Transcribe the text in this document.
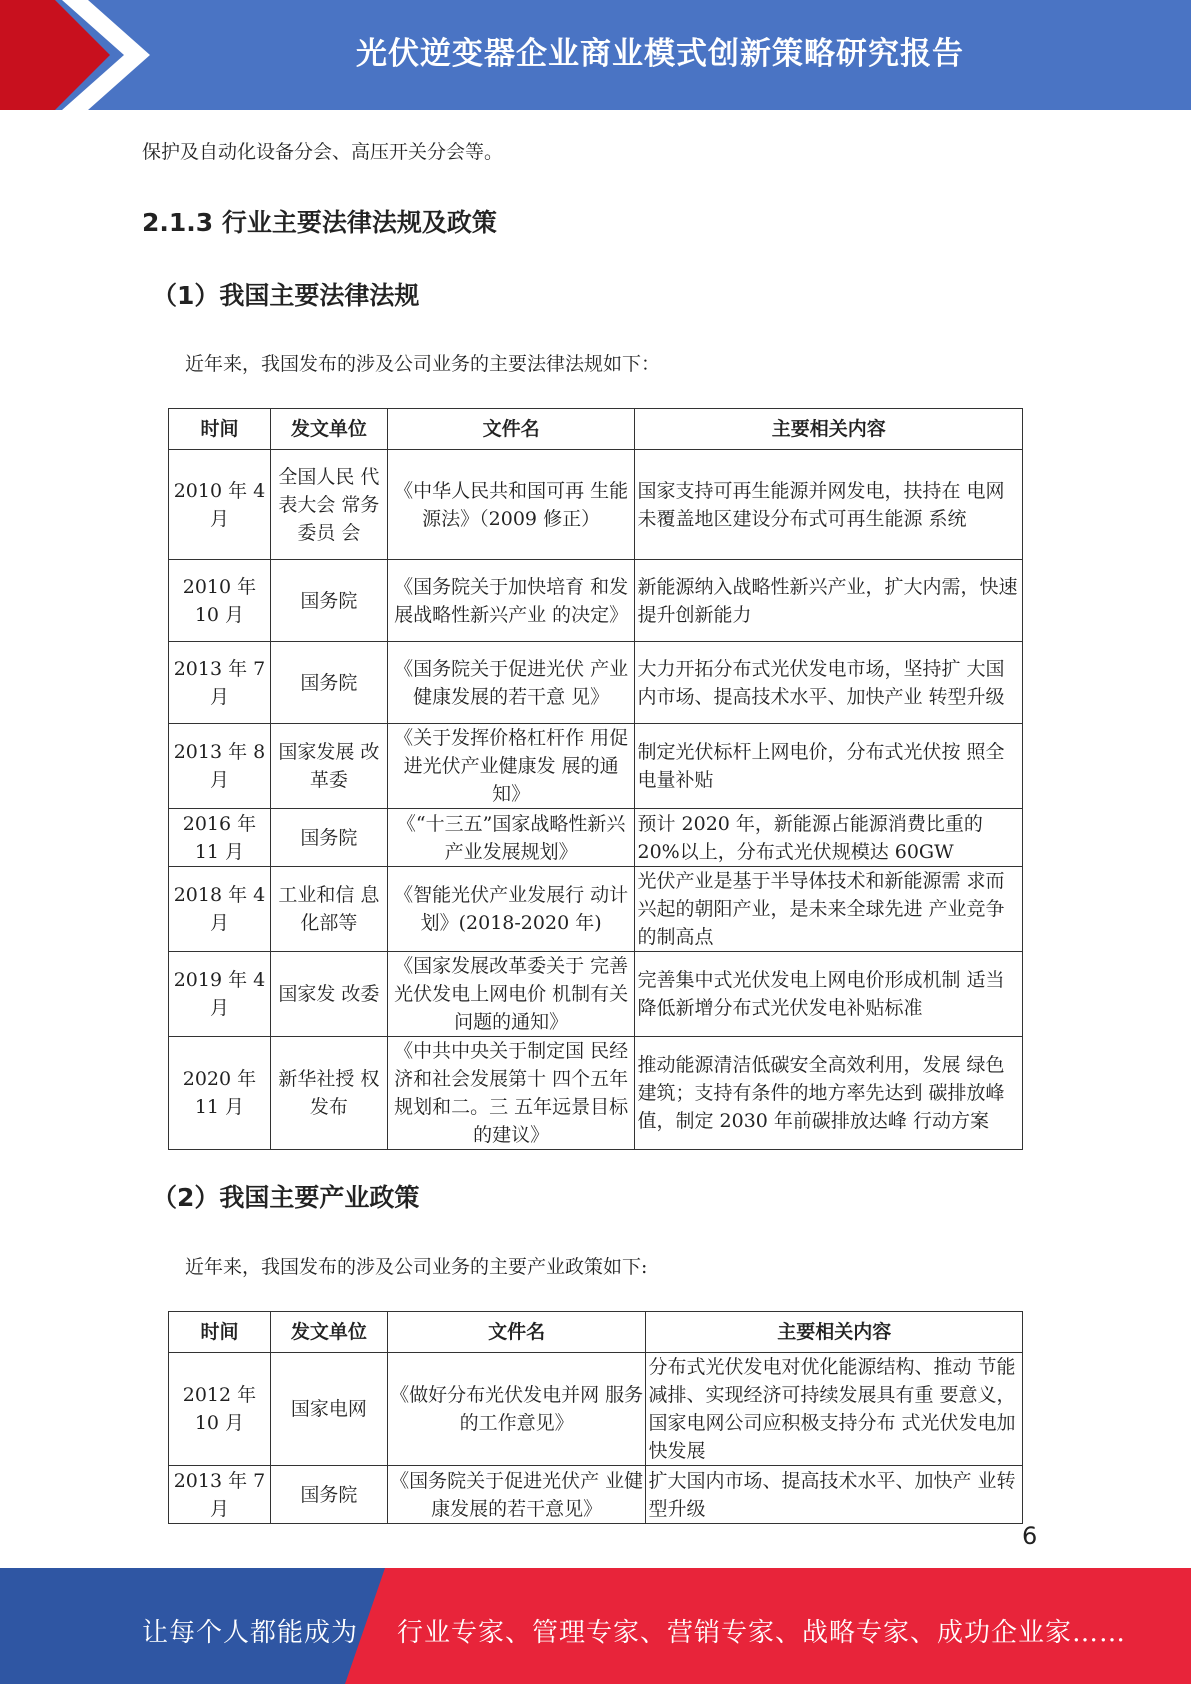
光伏逆变器企业商业模式创新策略研究报告
保护及自动化设备分会、高压开关分会等。
2.1.3 行业主要法律法规及政策
（1）我国主要法律法规
近年来，我国发布的涉及公司业务的主要法律法规如下：
时间	发文单位	文件名	主要相关内容
2010 年 4 月	全国人民 代表大会 常务委员 会	《中华人民共和国可再 生能源法》（2009 修正）	国家支持可再生能源并网发电，扶持在 电网未覆盖地区建设分布式可再生能源 系统
2010 年 10 月	国务院	《国务院关于加快培育 和发展战略性新兴产业 的决定》	新能源纳入战略性新兴产业，扩大内需，快速提升创新能力
2013 年 7 月	国务院	《国务院关于促进光伏 产业健康发展的若干意 见》	大力开拓分布式光伏发电市场，坚持扩 大国内市场、提高技术水平、加快产业 转型升级
2013 年 8 月	国家发展 改革委	《关于发挥价格杠杆作 用促进光伏产业健康发 展的通知》	制定光伏标杆上网电价，分布式光伏按 照全电量补贴
2016 年 11 月	国务院	《“十三五”国家战略性新兴产业发展规划》	预计 2020 年，新能源占能源消费比重的 20%以上，分布式光伏规模达 60GW
2018 年 4 月	工业和信 息化部等	《智能光伏产业发展行 动计划》(2018-2020 年)	光伏产业是基于半导体技术和新能源需 求而兴起的朝阳产业，是未来全球先进 产业竞争的制高点
2019 年 4 月	国家发 改委	《国家发展改革委关于 完善光伏发电上网电价 机制有关问题的通知》	完善集中式光伏发电上网电价形成机制 适当降低新增分布式光伏发电补贴标准
2020 年 11 月	新华社授 权发布	《中共中央关于制定国 民经济和社会发展第十 四个五年规划和二。三 五年远景目标的建议》	推动能源清洁低碳安全高效利用，发展 绿色建筑；支持有条件的地方率先达到 碳排放峰值，制定 2030 年前碳排放达峰 行动方案
（2）我国主要产业政策
近年来，我国发布的涉及公司业务的主要产业政策如下:
时间	发文单位	文件名	主要相关内容
2012 年 10 月	国家电网	《做好分布光伏发电并网 服务的工作意见》	分布式光伏发电对优化能源结构、推动 节能减排、实现经济可持续发展具有重 要意义，国家电网公司应积极支持分布 式光伏发电加快发展
2013 年 7 月	国务院	《国务院关于促进光伏产 业健康发展的若干意见》	扩大国内市场、提高技术水平、加快产 业转型升级
6
让每个人都能成为 行业专家、管理专家、营销专家、战略专家、成功企业家……
